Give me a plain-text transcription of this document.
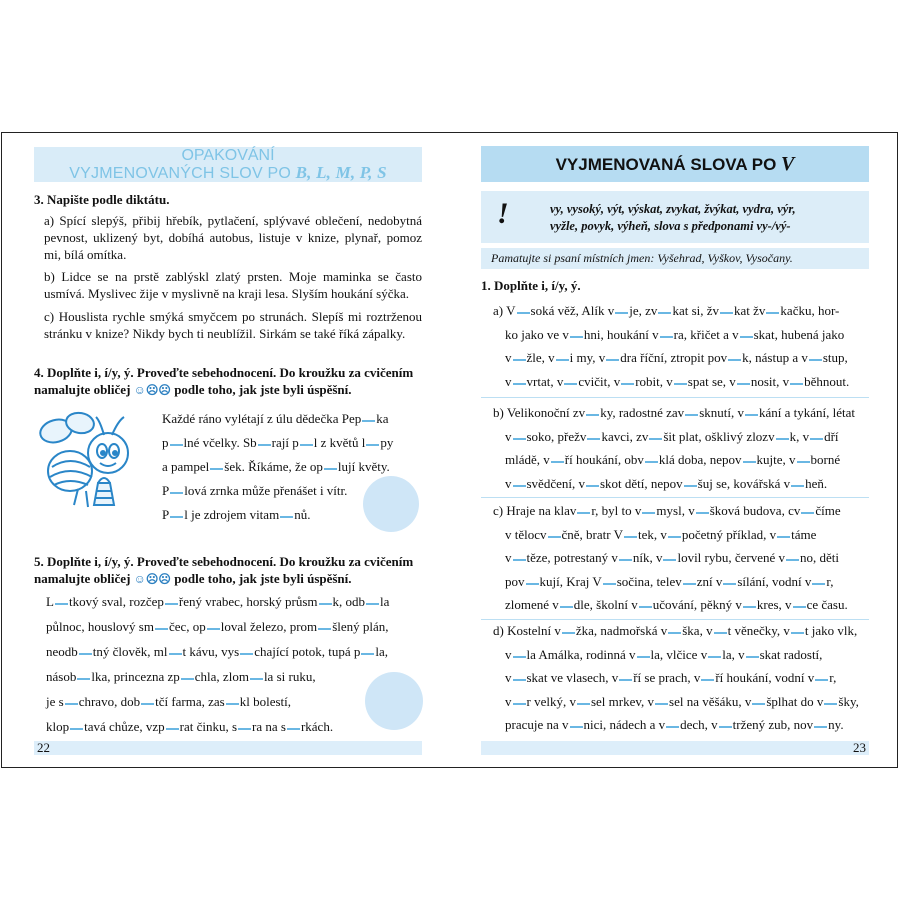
OPAKOVÁNÍ
VYJMENOVANÝCH SLOV PO B, L, M, P, S
3. Napište podle diktátu.
a) Spící slepýš, přibij hřebík, pytlačení, splývavé oblečení, nedobytná pevnost, uklizený byt, dobíhá autobus, listuje v knize, plynař, pomoz mi, bílá omítka.
b) Lidce se na prstě zablýskl zlatý prsten. Moje maminka se často usmívá. Myslivec žije v myslivně na kraji lesa. Slyším houkání sýčka.
c) Houslista rychle smýká smyčcem po strunách. Slepíš mi roztrženou stránku v knize? Nikdy bych ti neublížil. Sirkám se také říká zápalky.
4. Doplňte i, í/y, ý. Proveďte sebehodnocení. Do kroužku za cvičením
namalujte obličej ☺☹☹ podle toho, jak jste byli úspěšní.
Každé ráno vylétají z úlu dědečka Pep ka
p lné včelky. Sb rají p l z květů l py
a pampel šek. Říkáme, že op lují květy.
P lová zrnka může přenášet i vítr.
P l je zdrojem vitam nů.
5. Doplňte i, í/y, ý. Proveďte sebehodnocení. Do kroužku za cvičením
namalujte obličej ☺☹☹ podle toho, jak jste byli úspěšní.
L tkový sval, rozčep řený vrabec, horský průsm k, odb la
půlnoc, houslový sm čec, op loval železo, prom šlený plán,
neodb tný člověk, ml t kávu, vys chající potok, tupá p la,
násob lka, princezna zp chla, zlom la si ruku,
je s chravo, dob tčí farma, zas kl bolestí,
klop tavá chůze, vzp rat činku, s ra na s rkách.
22
VYJMENOVANÁ SLOVA PO V
!	vy, vysoký, výt, výskat, zvykat, žvýkat, vydra, výr,
vyžle, povyk, výheň, slova s předponami vy-/vý-
Pamatujte si psaní místních jmen: Vyšehrad, Vyškov, Vysočany.
1. Doplňte i, í/y, ý.
a) V soká věž, Alík v je, zv kat si, žv kat žv kačku, hor-
ko jako ve v hni, houkání v ra, křičet a v skat, hubená jako
v žle, v i my, v dra říční, ztropit pov k, nástup a v stup,
v vrtat, v cvičit, v robit, v spat se, v nosit, v běhnout.
b) Velikonoční zv ky, radostné zav sknutí, v kání a tykání, létat
v soko, přežv kavci, zv šit plat, ošklivý zlozv k, v dří
mládě, v ří houkání, obv klá doba, nepov kujte, v borné
v svědčení, v skot dětí, nepov šuj se, kovářská v heň.
c) Hraje na klav r, byl to v mysl, v šková budova, cv číme
v tělocv čně, bratr V tek, v početný příklad, v táme
v těze, potrestaný v ník, v lovil rybu, červené v no, děti
pov kují, Kraj V sočina, telev zní v sílání, vodní v r,
zlomené v dle, školní v učování, pěkný v kres, v ce času.
d) Kostelní v žka, nadmořská v ška, v t věnečky, v t jako vlk,
v la Amálka, rodinná v la, vlčice v la, v skat radostí,
v skat ve vlasech, v ří se prach, v ří houkání, vodní v r,
v r velký, v sel mrkev, v sel na věšáku, v šplhat do v šky,
pracuje na v nici, nádech a v dech, v tržený zub, nov ny.
23
